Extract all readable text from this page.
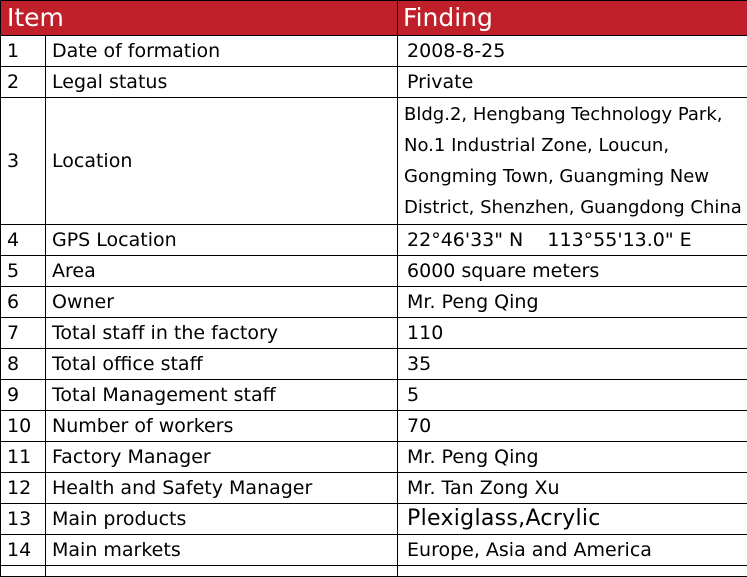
Item		Finding
1	Date of formation	2008-8-25
2	Legal status	Private
3	Location	Bldg.2, Hengbang Technology Park, No.1 Industrial Zone, Loucun, Gongming Town, Guangming New District, Shenzhen, Guangdong China
4	GPS Location	22°46'33" N    113°55'13.0" E
5	Area	6000 square meters
6	Owner	Mr. Peng Qing
7	Total staff in the factory	110
8	Total office staff	35
9	Total Management staff	5
10	Number of workers	70
11	Factory Manager	Mr. Peng Qing
12	Health and Safety Manager	Mr. Tan Zong Xu
13	Main products	Plexiglass,Acrylic
14	Main markets	Europe, Asia and America
